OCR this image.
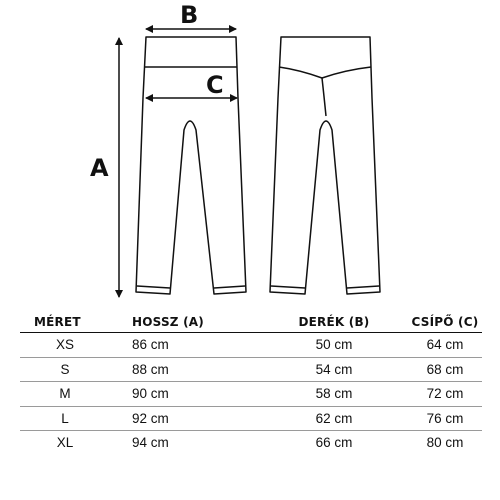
A
B
C
MÉRET	HOSSZ (A)	DERÉK (B)	CSÍPŐ (C)
XS	86 cm	50 cm	64 cm
S	88 cm	54 cm	68 cm
M	90 cm	58 cm	72 cm
L	92 cm	62 cm	76 cm
XL	94 cm	66 cm	80 cm
